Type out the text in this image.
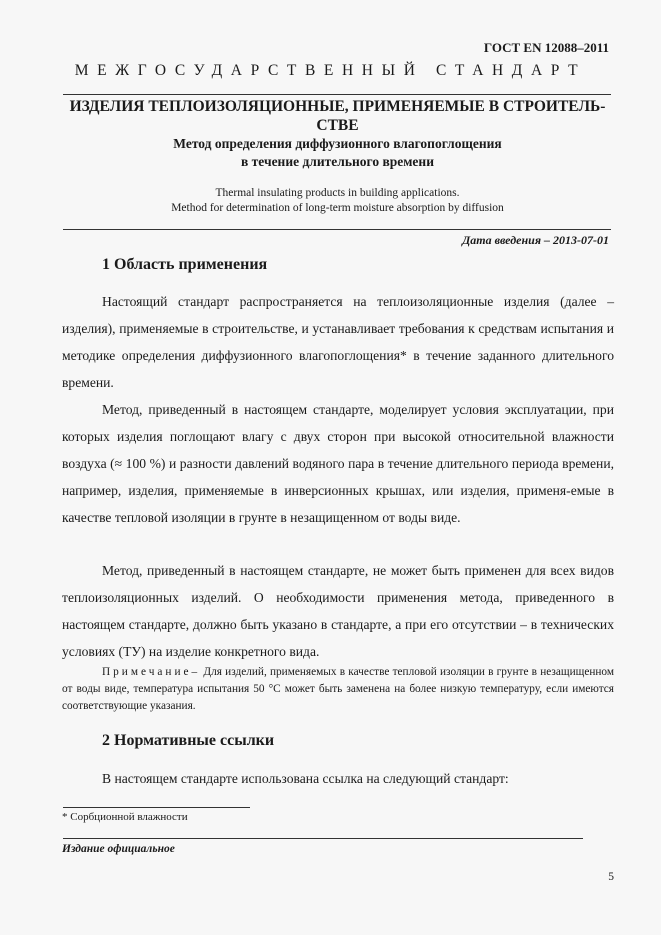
ГОСТ EN 12088–2011
МЕЖГОСУДАРСТВЕННЫЙ СТАНДАРТ
ИЗДЕЛИЯ ТЕПЛОИЗОЛЯЦИОННЫЕ, ПРИМЕНЯЕМЫЕ В СТРОИТЕЛЬ-СТВЕ
Метод определения диффузионного влагопоглощения
в течение длительного времени
Thermal insulating products in building applications.
Method for determination of long-term moisture absorption by diffusion
Дата введения – 2013-07-01
1 Область применения
Настоящий стандарт распространяется на теплоизоляционные изделия (далее – изделия), применяемые в строительстве, и устанавливает требования к средствам испытания и методике определения диффузионного влагопоглощения* в течение заданного длительного времени.
Метод, приведенный в настоящем стандарте, моделирует условия эксплуатации, при которых изделия поглощают влагу с двух сторон при высокой относительной влажности воздуха (≈ 100 %) и разности давлений водяного пара в течение длительного периода времени, например, изделия, применяемые в инверсионных крышах, или изделия, применя-емые в качестве тепловой изоляции в грунте в незащищенном от воды виде.
Метод, приведенный в настоящем стандарте, не может быть применен для всех видов теплоизоляционных изделий. О необходимости применения метода, приведенного в настоящем стандарте, должно быть указано в стандарте, а при его отсутствии – в технических условиях (ТУ) на изделие конкретного вида.
Примечание– Для изделий, применяемых в качестве тепловой изоляции в грунте в незащищенном от воды виде, температура испытания 50 °C может быть заменена на более низкую температуру, если имеются соответствующие указания.
2 Нормативные ссылки
В настоящем стандарте использована ссылка на следующий стандарт:
* Сорбционной влажности
Издание официальное
5
